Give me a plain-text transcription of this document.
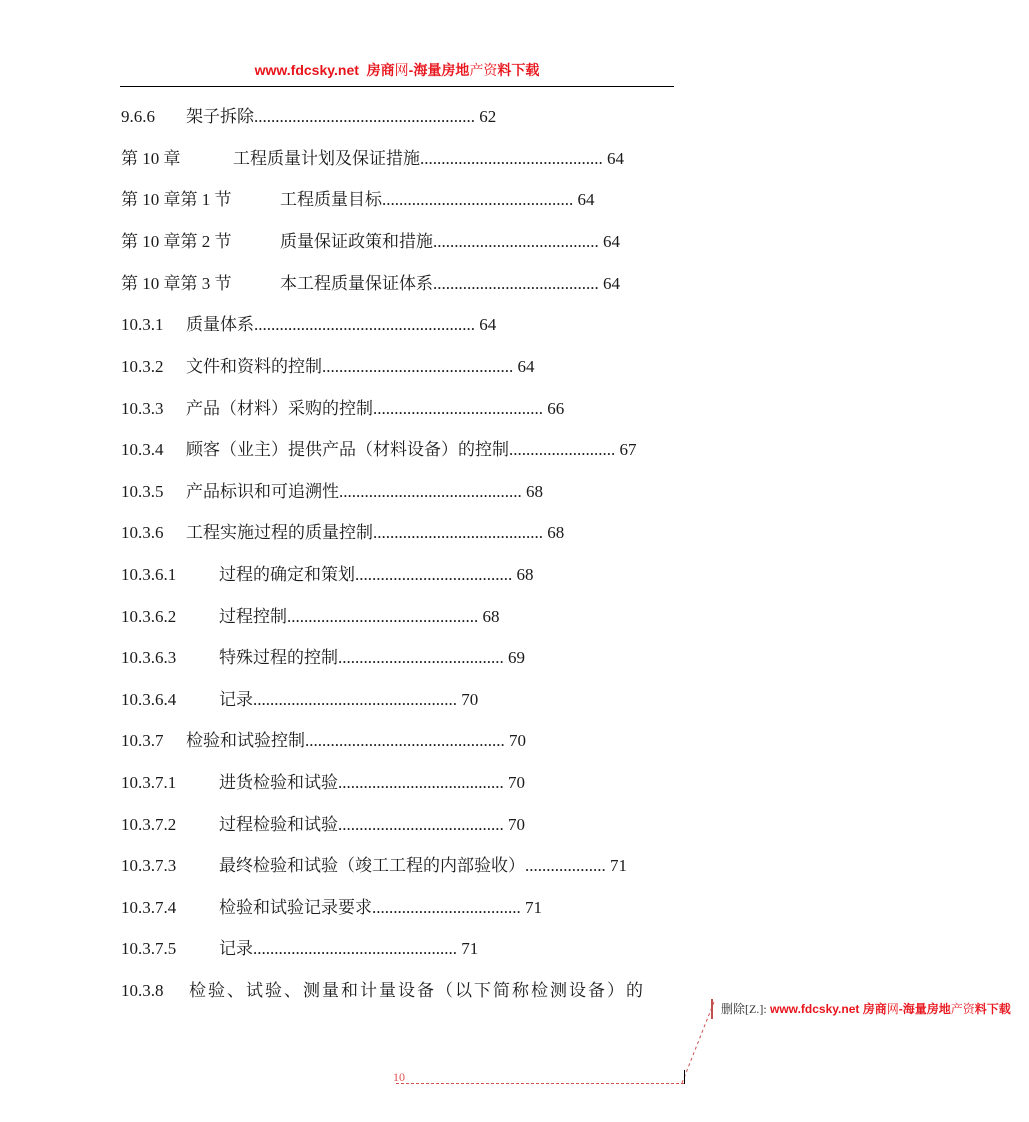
www.fdcsky.net 房商网-海量房地产资料下载
9.6.6 架子拆除.................................................... 62
第 10 章	工程质量计划及保证措施........................................... 64
第 10 章第 1 节	工程质量目标............................................. 64
第 10 章第 2 节	质量保证政策和措施....................................... 64
第 10 章第 3 节	本工程质量保证体系....................................... 64
10.3.1 质量体系.................................................... 64
10.3.2 文件和资料的控制............................................. 64
10.3.3 产品（材料）采购的控制........................................ 66
10.3.4 顾客（业主）提供产品（材料设备）的控制......................... 67
10.3.5 产品标识和可追溯性........................................... 68
10.3.6 工程实施过程的质量控制........................................ 68
10.3.6.1	过程的确定和策划..................................... 68
10.3.6.2	过程控制............................................. 68
10.3.6.3	特殊过程的控制....................................... 69
10.3.6.4	记录................................................ 70
10.3.7 检验和试验控制............................................... 70
10.3.7.1	进货检验和试验....................................... 70
10.3.7.2	过程检验和试验....................................... 70
10.3.7.3	最终检验和试验（竣工工程的内部验收）................... 71
10.3.7.4	检验和试验记录要求................................... 71
10.3.7.5	记录................................................ 71
10.3.8 检验、试验、测量和计量设备（以下简称检测设备）的
删除[Z.]: www.fdcsky.net 房商网-海量房地产资料下载
10
